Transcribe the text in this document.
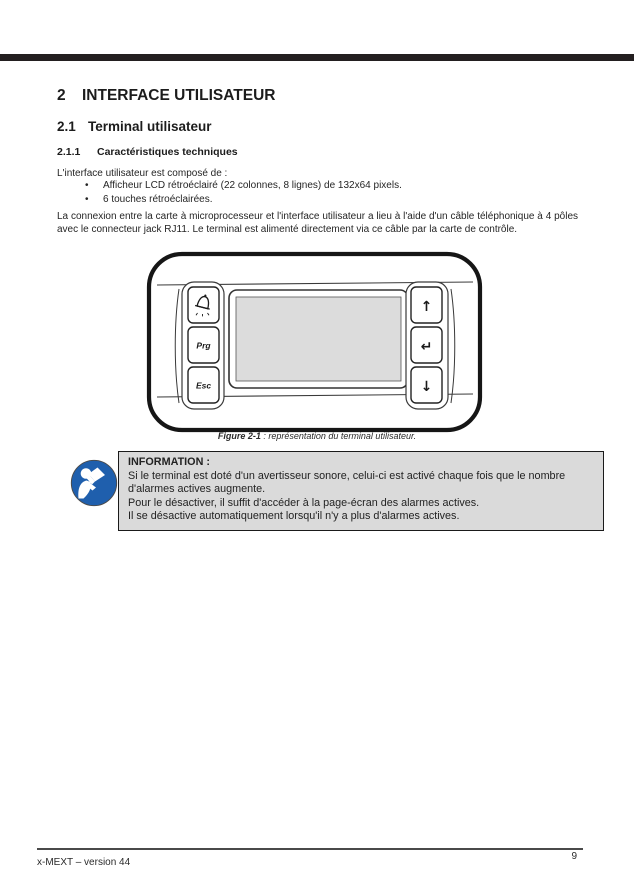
2 INTERFACE UTILISATEUR
2.1 Terminal utilisateur
2.1.1 Caractéristiques techniques
L'interface utilisateur est composé de :
•	Afficheur LCD rétroéclairé (22 colonnes, 8 lignes) de 132x64 pixels.
•	6 touches rétroéclairées.
La connexion entre la carte à microprocesseur et l'interface utilisateur a lieu à l'aide d'un câble téléphonique à 4 pôles
avec le connecteur jack RJ11. Le terminal est alimenté directement via ce câble par la carte de contrôle.
Prg
Esc
↑
↵
↓
Figure 2-1 : représentation du terminal utilisateur.
INFORMATION :
Si le terminal est doté d'un avertisseur sonore, celui-ci est activé chaque fois que le nombre d'alarmes actives augmente.
Pour le désactiver, il suffit d'accéder à la page-écran des alarmes actives.
Il se désactive automatiquement lorsqu'il n'y a plus d'alarmes actives.
x-MEXT – version 44
9
